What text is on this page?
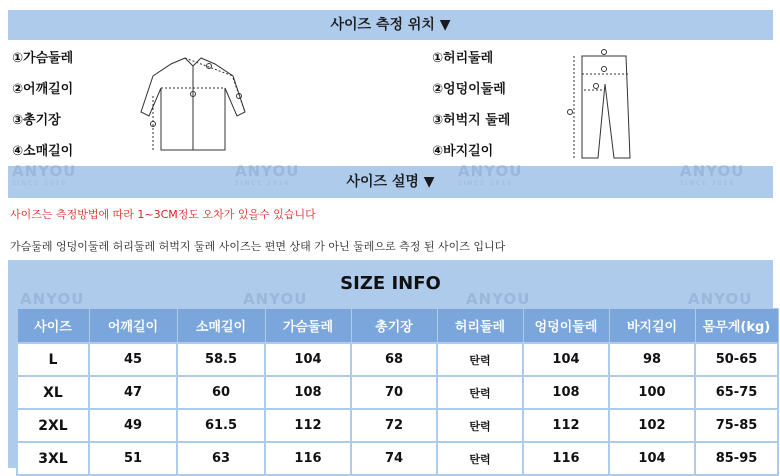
사이즈 측정 위치 ▼
①가슴둘레
②어깨길이
③총기장
④소매길이
①허리둘레
②엉덩이둘레
③허벅지 둘레
④바지길이
사이즈 설명 ▼
ANYOU
SINCE 2016
ANYOU
SINCE 2016
ANYOU
SINCE 2016
ANYOU
SINCE 2016
사이즈는 측정방법에 따라 1~3CM정도 오차가 있을수 있습니다
가슴둘레 엉덩이둘레 허리둘레 허벅지 둘레 사이즈는 편면 상태 가 아닌 둘레으로 측정 된 사이즈 입니다
SIZE INFO
ANYOU	ANYOU	ANYOU	ANYOU
사이즈	어깨길이	소매길이	가슴둘레	총기장	허리둘레	엉덩이둘레	바지길이	몸무게(kg)
L	45	58.5	104	68	탄력	104	98	50-65
XL	47	60	108	70	탄력	108	100	65-75
2XL	49	61.5	112	72	탄력	112	102	75-85
3XL	51	63	116	74	탄력	116	104	85-95
